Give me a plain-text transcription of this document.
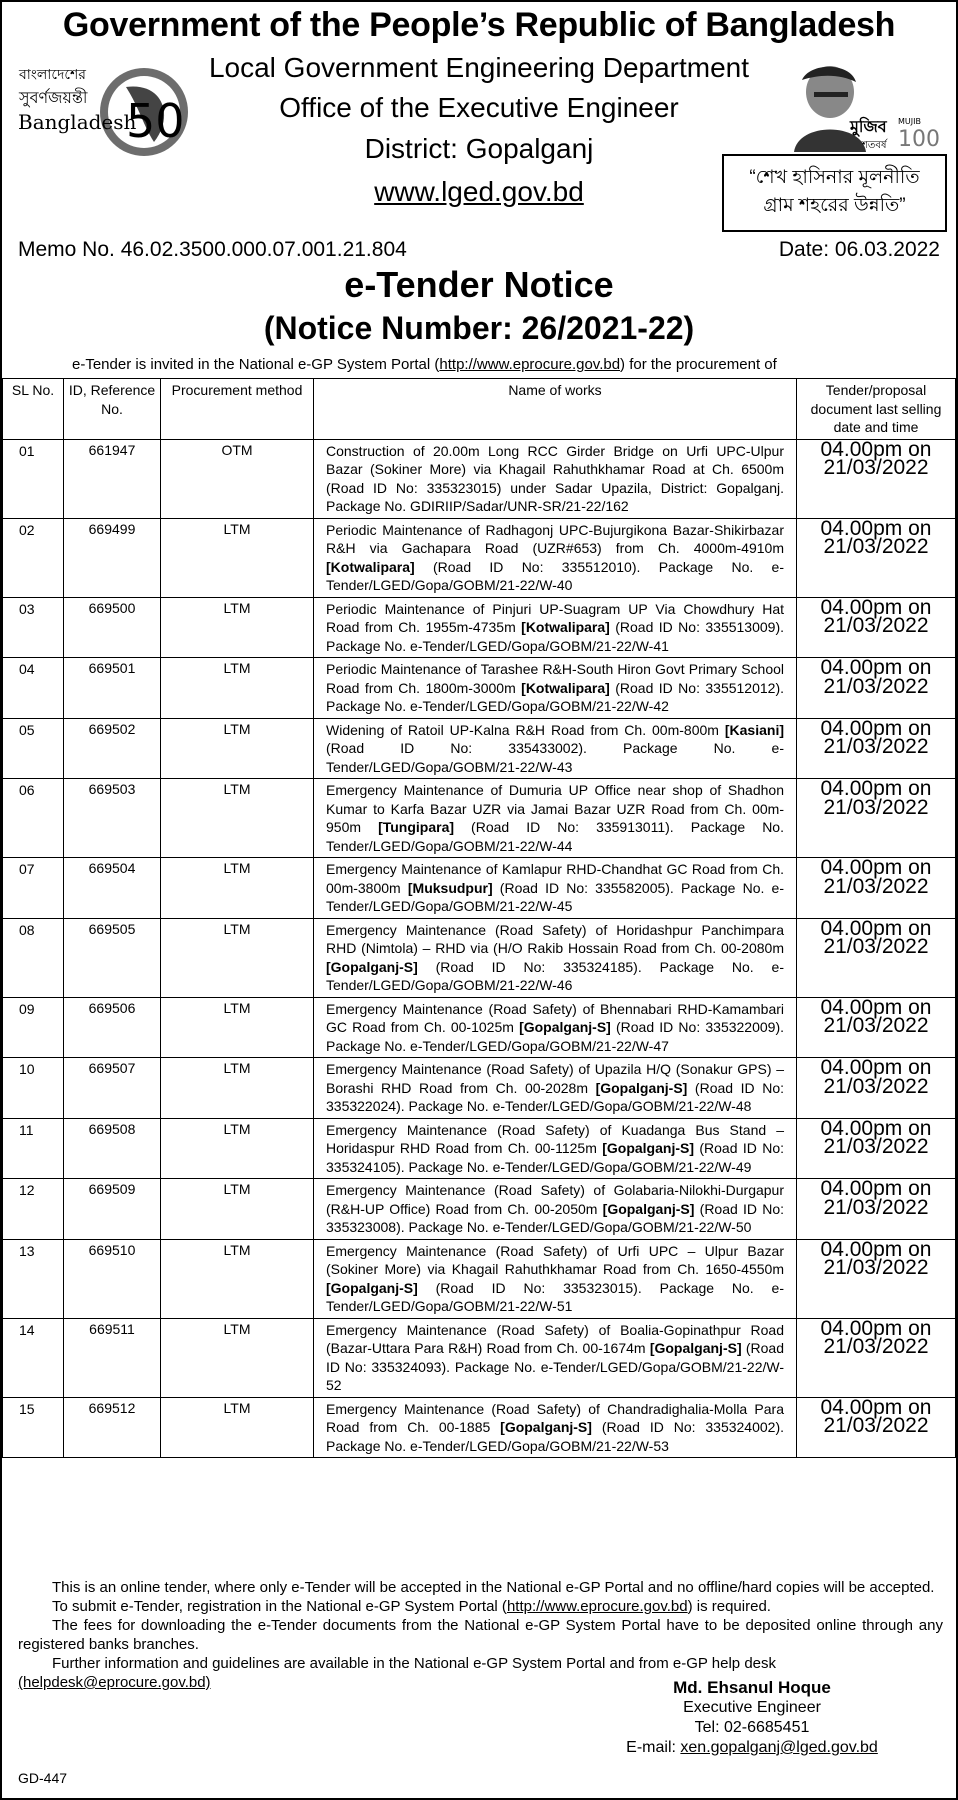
Government of the People’s Republic of Bangladesh
Local Government Engineering Department
Office of the Executive Engineer
District: Gopalganj
www.lged.gov.bd
বাংলাদেশের
সুবর্ণজয়ন্তী
Bangladesh
50	মুজিব MUJIB
শতবর্ষ 100
“শেখ হাসিনার মূলনীতি
গ্রাম শহরের উন্নতি”
Memo No. 46.02.3500.000.07.001.21.804	Date: 06.03.2022
e-Tender Notice
(Notice Number: 26/2021-22)
e-Tender is invited in the National e-GP System Portal (http://www.eprocure.gov.bd) for the procurement of
SL No.	ID, Reference No.	Procurement method	Name of works	Tender/proposal document last selling date and time
01	661947	OTM	Construction of 20.00m Long RCC Girder Bridge on Urfi UPC-Ulpur Bazar (Sokiner More) via Khagail Rahuthkhamar Road at Ch. 6500m (Road ID No: 335323015) under Sadar Upazila, District: Gopalganj. Package No. GDIRIIP/Sadar/UNR-SR/21-22/162	04.00pm on 21/03/2022
02	669499	LTM	Periodic Maintenance of Radhagonj UPC-Bujurgikona Bazar-Shikirbazar R&H via Gachapara Road (UZR#653) from Ch. 4000m-4910m [Kotwalipara] (Road ID No: 335512010). Package No. e-Tender/LGED/Gopa/GOBM/21-22/W-40	04.00pm on 21/03/2022
03	669500	LTM	Periodic Maintenance of Pinjuri UP-Suagram UP Via Chowdhury Hat Road from Ch. 1955m-4735m [Kotwalipara] (Road ID No: 335513009). Package No. e-Tender/LGED/Gopa/GOBM/21-22/W-41	04.00pm on 21/03/2022
04	669501	LTM	Periodic Maintenance of Tarashee R&H-South Hiron Govt Primary School Road from Ch. 1800m-3000m [Kotwalipara] (Road ID No: 335512012). Package No. e-Tender/LGED/Gopa/GOBM/21-22/W-42	04.00pm on 21/03/2022
05	669502	LTM	Widening of Ratoil UP-Kalna R&H Road from Ch. 00m-800m [Kasiani] (Road ID No: 335433002). Package No. e-Tender/LGED/Gopa/GOBM/21-22/W-43	04.00pm on 21/03/2022
06	669503	LTM	Emergency Maintenance of Dumuria UP Office near shop of Shadhon Kumar to Karfa Bazar UZR via Jamai Bazar UZR Road from Ch. 00m-950m [Tungipara] (Road ID No: 335913011). Package No. Tender/LGED/Gopa/GOBM/21-22/W-44	04.00pm on 21/03/2022
07	669504	LTM	Emergency Maintenance of Kamlapur RHD-Chandhat GC Road from Ch. 00m-3800m [Muksudpur] (Road ID No: 335582005). Package No. e-Tender/LGED/Gopa/GOBM/21-22/W-45	04.00pm on 21/03/2022
08	669505	LTM	Emergency Maintenance (Road Safety) of Horidashpur Panchimpara RHD (Nimtola) – RHD via (H/O Rakib Hossain Road from Ch. 00-2080m [Gopalganj-S] (Road ID No: 335324185). Package No. e-Tender/LGED/Gopa/GOBM/21-22/W-46	04.00pm on 21/03/2022
09	669506	LTM	Emergency Maintenance (Road Safety) of Bhennabari RHD-Kamambari GC Road from Ch. 00-1025m [Gopalganj-S] (Road ID No: 335322009). Package No. e-Tender/LGED/Gopa/GOBM/21-22/W-47	04.00pm on 21/03/2022
10	669507	LTM	Emergency Maintenance (Road Safety) of Upazila H/Q (Sonakur GPS) – Borashi RHD Road from Ch. 00-2028m [Gopalganj-S] (Road ID No: 335322024). Package No. e-Tender/LGED/Gopa/GOBM/21-22/W-48	04.00pm on 21/03/2022
11	669508	LTM	Emergency Maintenance (Road Safety) of Kuadanga Bus Stand – Horidaspur RHD Road from Ch. 00-1125m [Gopalganj-S] (Road ID No: 335324105). Package No. e-Tender/LGED/Gopa/GOBM/21-22/W-49	04.00pm on 21/03/2022
12	669509	LTM	Emergency Maintenance (Road Safety) of Golabaria-Nilokhi-Durgapur (R&H-UP Office) Road from Ch. 00-2050m [Gopalganj-S] (Road ID No: 335323008). Package No. e-Tender/LGED/Gopa/GOBM/21-22/W-50	04.00pm on 21/03/2022
13	669510	LTM	Emergency Maintenance (Road Safety) of Urfi UPC – Ulpur Bazar (Sokiner More) via Khagail Rahuthkhamar Road from Ch. 1650-4550m [Gopalganj-S] (Road ID No: 335323015). Package No. e-Tender/LGED/Gopa/GOBM/21-22/W-51	04.00pm on 21/03/2022
14	669511	LTM	Emergency Maintenance (Road Safety) of Boalia-Gopinathpur Road (Bazar-Uttara Para R&H) Road from Ch. 00-1674m [Gopalganj-S] (Road ID No: 335324093). Package No. e-Tender/LGED/Gopa/GOBM/21-22/W-52	04.00pm on 21/03/2022
15	669512	LTM	Emergency Maintenance (Road Safety) of Chandradighalia-Molla Para Road from Ch. 00-1885 [Gopalganj-S] (Road ID No: 335324002). Package No. e-Tender/LGED/Gopa/GOBM/21-22/W-53	04.00pm on 21/03/2022

This is an online tender, where only e-Tender will be accepted in the National e-GP Portal and no offline/hard copies will be accepted.

To submit e-Tender, registration in the National e-GP System Portal (http://www.eprocure.gov.bd) is required.

The fees for downloading the e-Tender documents from the National e-GP System Portal have to be deposited online through any registered banks branches.

Further information and guidelines are available in the National e-GP System Portal and from e-GP help desk

(helpdesk@eprocure.gov.bd)	Md. Ehsanul Hoque
Executive Engineer
Tel: 02-6685451
E-mail: xen.gopalganj@lged.gov.bd
GD-447
